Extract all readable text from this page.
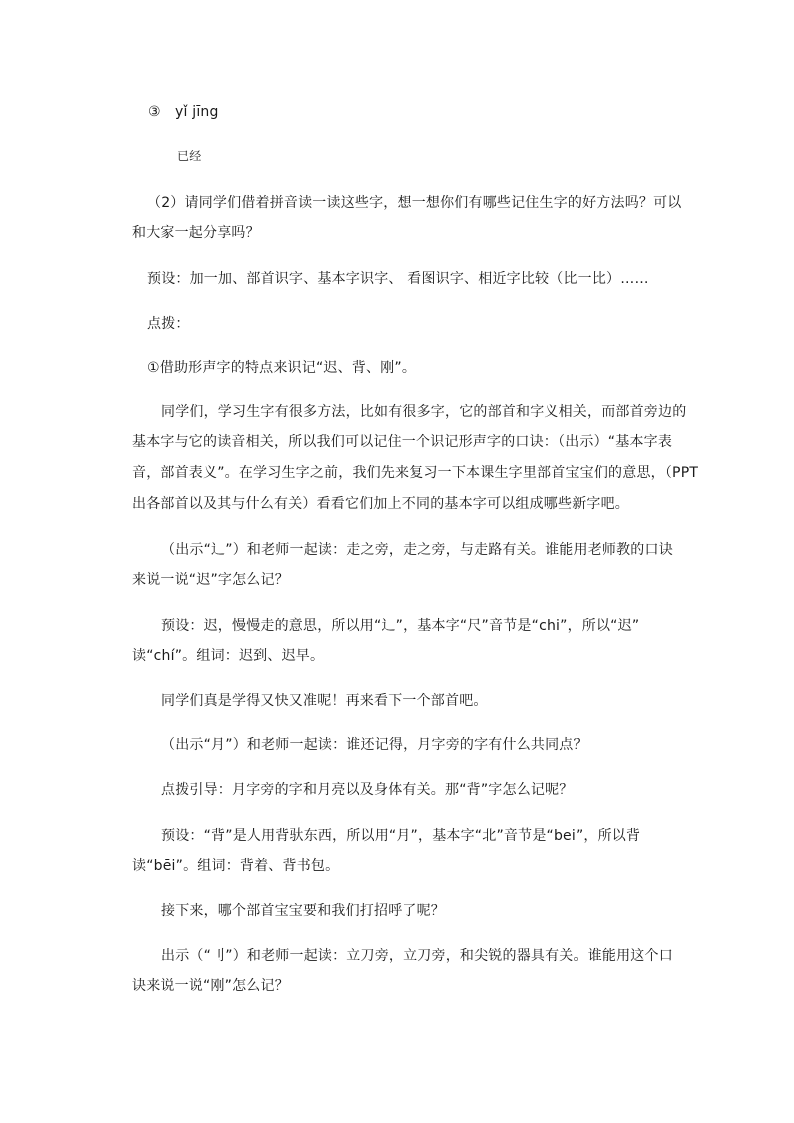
③ yǐ jīng
已经
（2）请同学们借着拼音读一读这些字，想一想你们有哪些记住生字的好方法吗？可以
和大家一起分享吗？
预设：加一加、部首识字、基本字识字、 看图识字、相近字比较（比一比）……
点拨：
①借助形声字的特点来识记“迟、背、刚”。
同学们，学习生字有很多方法，比如有很多字，它的部首和字义相关，而部首旁边的
基本字与它的读音相关，所以我们可以记住一个识记形声字的口诀：（出示）“基本字表
音，部首表义”。在学习生字之前，我们先来复习一下本课生字里部首宝宝们的意思，（PPT
出各部首以及其与什么有关）看看它们加上不同的基本字可以组成哪些新字吧。
（出示“辶”）和老师一起读：走之旁，走之旁，与走路有关。谁能用老师教的口诀
来说一说“迟”字怎么记？
预设：迟，慢慢走的意思，所以用“辶”，基本字“尺”音节是“chi”，所以“迟”
读“chí”。组词：迟到、迟早。
同学们真是学得又快又准呢！再来看下一个部首吧。
（出示“月”）和老师一起读：谁还记得，月字旁的字有什么共同点？
点拨引导：月字旁的字和月亮以及身体有关。那“背”字怎么记呢？
预设：“背”是人用背驮东西，所以用“月”，基本字“北”音节是“bei”，所以背
读“bēi”。组词：背着、背书包。
接下来，哪个部首宝宝要和我们打招呼了呢？
出示（“刂”）和老师一起读：立刀旁，立刀旁，和尖锐的器具有关。谁能用这个口
诀来说一说“刚”怎么记？
